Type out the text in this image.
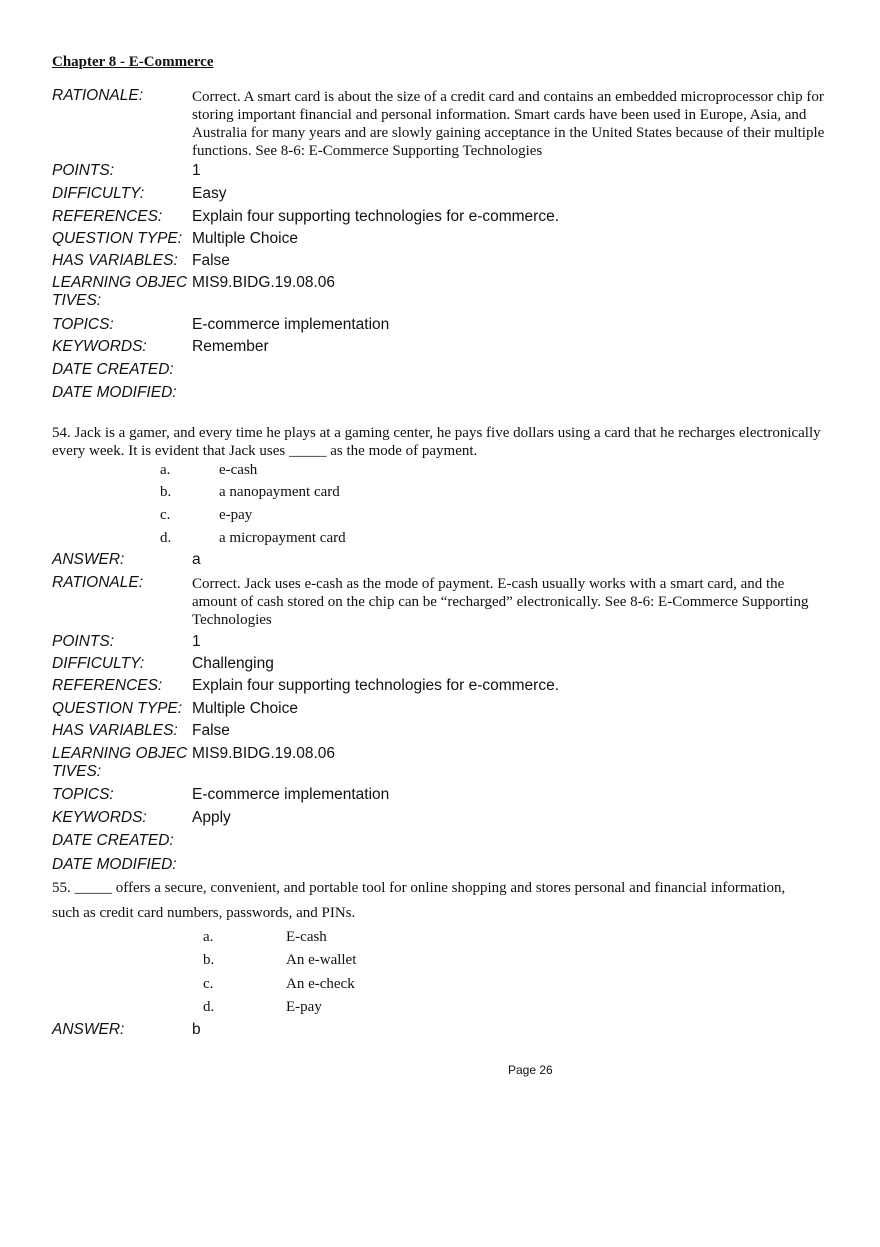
Chapter 8 - E-Commerce
RATIONALE:	Correct. A smart card is about the size of a credit card and contains an embedded microprocessor chip for storing important financial and personal information. Smart cards have been used in Europe, Asia, and Australia for many years and are slowly gaining acceptance in the United States because of their multiple functions. See 8-6: E-Commerce Supporting Technologies
POINTS:	1
DIFFICULTY:	Easy
REFERENCES: Explain four supporting technologies for e-commerce.
QUESTION TYPE: Multiple Choice
HAS VARIABLES: False
LEARNING OBJEC
TIVES:
MIS9.BIDG.19.08.06
TOPICS:	E-commerce implementation
KEYWORDS:	Remember
DATE CREATED:
DATE MODIFIED:
54. Jack is a gamer, and every time he plays at a gaming center, he pays five dollars using a card that he recharges electronically every week. It is evident that Jack uses _____ as the mode of payment.
a.	e-cash
b.	a nanopayment card
c.	e-pay
d.	a micropayment card
ANSWER:	a
RATIONALE:	Correct. Jack uses e-cash as the mode of payment. E-cash usually works with a smart card, and the amount of cash stored on the chip can be “recharged” electronically. See 8-6: E-Commerce Supporting Technologies
POINTS:	1
DIFFICULTY:	Challenging
REFERENCES: Explain four supporting technologies for e-commerce.
QUESTION TYPE: Multiple Choice
HAS VARIABLES: False
LEARNING OBJEC
TIVES:
MIS9.BIDG.19.08.06
TOPICS:	E-commerce implementation
KEYWORDS:	Apply
DATE CREATED:
DATE MODIFIED:
55. _____ offers a secure, convenient, and portable tool for online shopping and stores personal and financial information,
such as credit card numbers, passwords, and PINs.
a.	E-cash
b.	An e-wallet
c.	An e-check
d.	E-pay
ANSWER:	b
Page 26
